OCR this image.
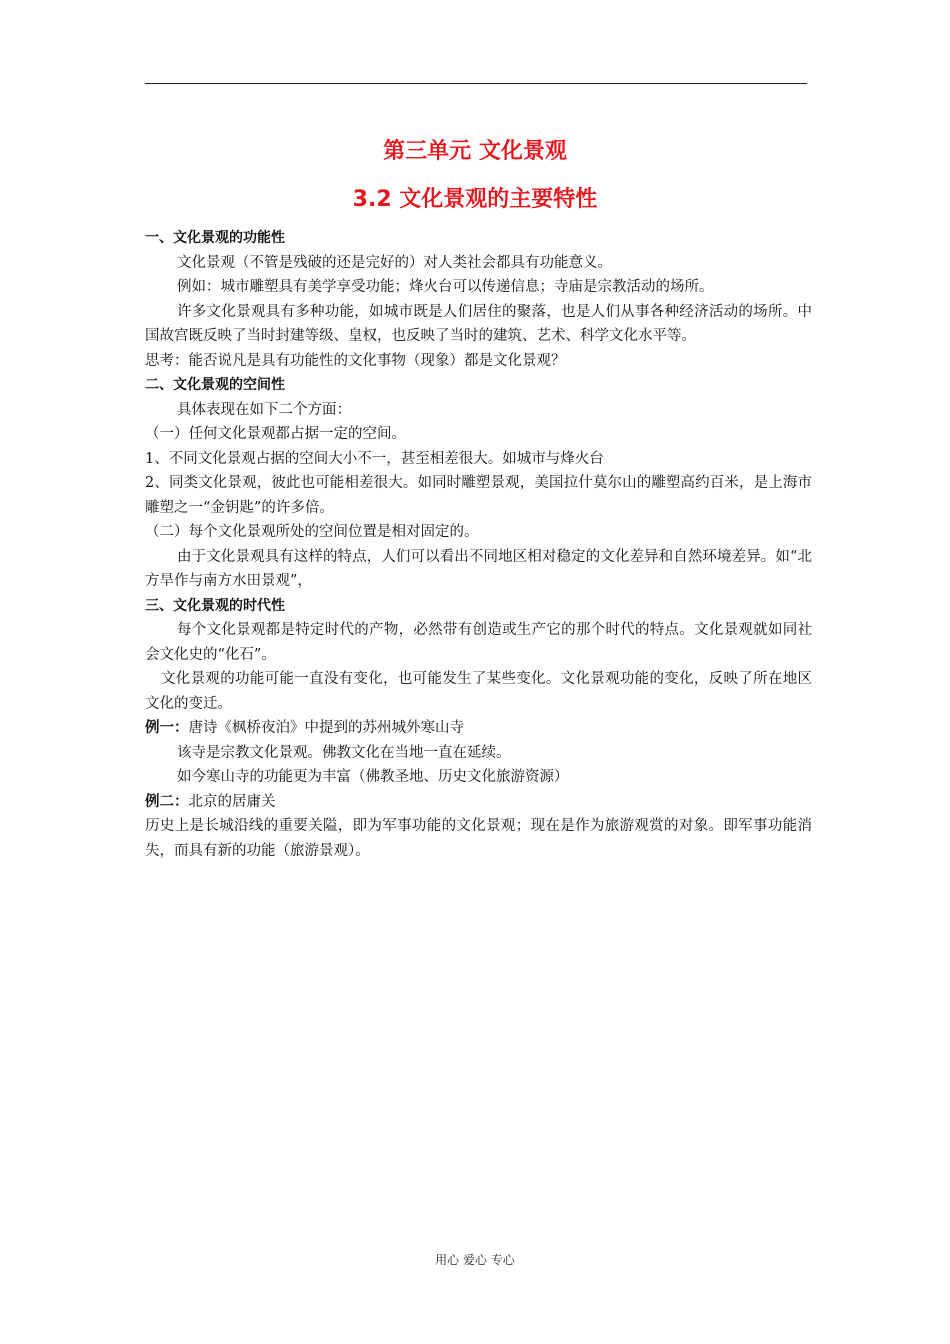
第三单元 文化景观
3.2 文化景观的主要特性
一、文化景观的功能性
文化景观（不管是残破的还是完好的）对人类社会都具有功能意义。
例如：城市雕塑具有美学享受功能；烽火台可以传递信息；寺庙是宗教活动的场所。
许多文化景观具有多种功能，如城市既是人们居住的聚落，也是人们从事各种经济活动的场所。中国故宫既反映了当时封建等级、皇权，也反映了当时的建筑、艺术、科学文化水平等。
思考：能否说凡是具有功能性的文化事物（现象）都是文化景观？
二、文化景观的空间性
具体表现在如下二个方面：
（一）任何文化景观都占据一定的空间。
1、不同文化景观占据的空间大小不一，甚至相差很大。如城市与烽火台
2、同类文化景观，彼此也可能相差很大。如同时雕塑景观，美国拉什莫尔山的雕塑高约百米，是上海市雕塑之一“金钥匙”的许多倍。
（二）每个文化景观所处的空间位置是相对固定的。
由于文化景观具有这样的特点，人们可以看出不同地区相对稳定的文化差异和自然环境差异。如“北方旱作与南方水田景观”，
三、文化景观的时代性
每个文化景观都是特定时代的产物，必然带有创造或生产它的那个时代的特点。文化景观就如同社会文化史的“化石”。
文化景观的功能可能一直没有变化，也可能发生了某些变化。文化景观功能的变化，反映了所在地区文化的变迁。
例一：唐诗《枫桥夜泊》中提到的苏州城外寒山寺
该寺是宗教文化景观。佛教文化在当地一直在延续。
如今寒山寺的功能更为丰富（佛教圣地、历史文化旅游资源）
例二：北京的居庸关
历史上是长城沿线的重要关隘，即为军事功能的文化景观；现在是作为旅游观赏的对象。即军事功能消失，而具有新的功能（旅游景观）。
用心 爱心 专心
